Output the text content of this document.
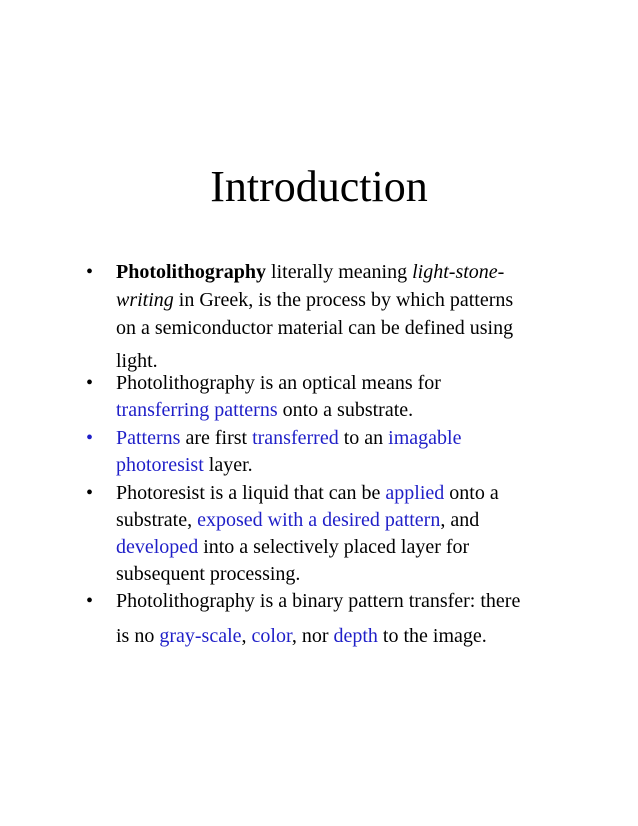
Introduction
• Photolithography literally meaning light-stone-
writing in Greek, is the process by which patterns
on a semiconductor material can be defined using
light.
• Photolithography is an optical means for
transferring patterns onto a substrate.
• Patterns are first transferred to an imagable
photoresist layer.
• Photoresist is a liquid that can be applied onto a
substrate, exposed with a desired pattern, and
developed into a selectively placed layer for
subsequent processing.
• Photolithography is a binary pattern transfer: there
is no gray-scale, color, nor depth to the image.
